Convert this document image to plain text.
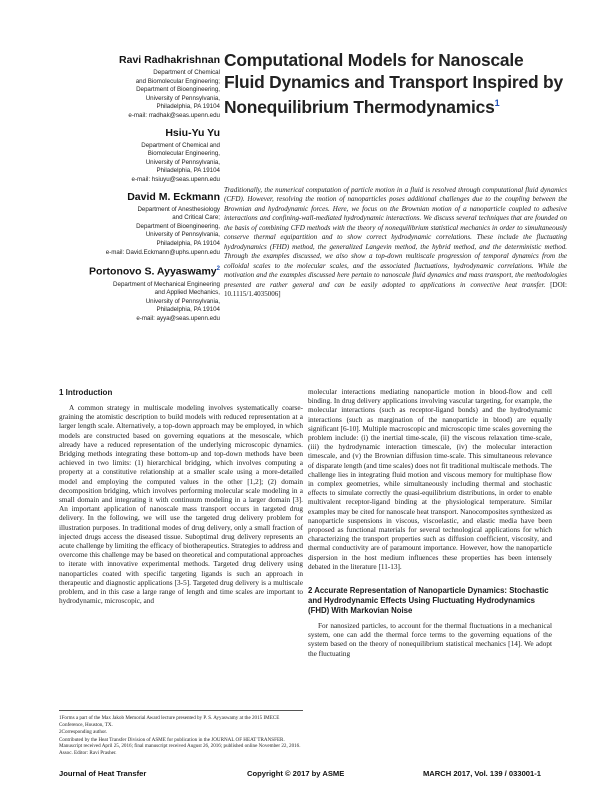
Ravi Radhakrishnan
Department of Chemical
and Biomolecular Engineering;
Department of Bioengineering,
University of Pennsylvania,
Philadelphia, PA 19104
e-mail: rradhak@seas.upenn.edu
Hsiu-Yu Yu
Department of Chemical and
Biomolecular Engineering,
University of Pennsylvania,
Philadelphia, PA 19104
e-mail: hsiuyu@seas.upenn.edu
David M. Eckmann
Department of Anesthesiology
and Critical Care;
Department of Bioengineering,
University of Pennsylvania,
Philadelphia, PA 19104
e-mail: David.Eckmann@uphs.upenn.edu
Portonovo S. Ayyaswamy$^2$
Department of Mechanical Engineering
and Applied Mechanics,
University of Pennsylvania,
Philadelphia, PA 19104
e-mail: ayya@seas.upenn.edu
Computational Models for Nanoscale Fluid Dynamics and Transport Inspired by Nonequilibrium Thermodynamics$^1$
Traditionally, the numerical computation of particle motion in a fluid is resolved through computational fluid dynamics (CFD). However, resolving the motion of nanoparticles poses additional challenges due to the coupling between the Brownian and hydrodynamic forces. Here, we focus on the Brownian motion of a nanoparticle coupled to adhesive interactions and confining-wall-mediated hydrodynamic interactions. We discuss several techniques that are founded on the basis of combining CFD methods with the theory of nonequilibrium statistical mechanics in order to simultaneously conserve thermal equipartition and to show correct hydrodynamic correlations. These include the fluctuating hydrodynamics (FHD) method, the generalized Langevin method, the hybrid method, and the deterministic method. Through the examples discussed, we also show a top-down multiscale progression of temporal dynamics from the colloidal scales to the molecular scales, and the associated fluctuations, hydrodynamic correlations. While the motivation and the examples discussed here pertain to nanoscale fluid dynamics and mass transport, the methodologies presented are rather general and can be easily adopted to applications in convective heat transfer. [DOI: 10.1115/1.4035006]
1 Introduction

A common strategy in multiscale modeling involves systematically coarse-graining the atomistic description to build models with reduced representation at a larger length scale. Alternatively, a top-down approach may be employed, in which models are constructed based on governing equations at the mesoscale, which already have a reduced representation of the underlying microscopic dynamics. Bridging methods integrating these bottom-up and top-down methods have been achieved in two limits: (1) hierarchical bridging, which involves computing a property at a constitutive relationship at a smaller scale using a more-detailed model and employing the computed values in the other [1,2]; (2) domain decomposition bridging, which involves performing molecular scale modeling in a small domain and integrating it with continuum modeling in a larger domain [3]. An important application of nanoscale mass transport occurs in targeted drug delivery. In the following, we will use the targeted drug delivery problem for illustration purposes. In traditional modes of drug delivery, only a small fraction of injected drugs access the diseased tissue. Suboptimal drug delivery represents an acute challenge by limiting the efficacy of biotherapeutics. Strategies to address and overcome this challenge may be based on theoretical and computational approaches to iterate with innovative experimental methods. Targeted drug delivery using nanoparticles coated with specific targeting ligands is such an approach in therapeutic and diagnostic applications [3-5]. Targeted drug delivery is a multiscale problem, and in this case a large range of length and time scales are important to hydrodynamic, microscopic, and

molecular interactions mediating nanoparticle motion in blood-flow and cell binding. In drug delivery applications involving vascular targeting, for example, the molecular interactions (such as receptor-ligand bonds) and the hydrodynamic interactions (such as margination of the nanoparticle in blood) are equally significant [6-10]. Multiple macroscopic and microscopic time scales governing the problem include: (i) the inertial time-scale, (ii) the viscous relaxation time-scale, (iii) the hydrodynamic interaction timescale, (iv) the molecular interaction timescale, and (v) the Brownian diffusion time-scale. This simultaneous relevance of disparate length (and time scales) does not fit traditional multiscale methods. The challenge lies in integrating fluid motion and viscous memory for multiphase flow in complex geometries, while simultaneously including thermal and stochastic effects to simulate correctly the quasi-equilibrium distributions, in order to enable multivalent receptor-ligand binding at the physiological temperature. Similar examples may be cited for nanoscale heat transport. Nanocomposites synthesized as nanoparticle suspensions in viscous, viscoelastic, and elastic media have been proposed as functional materials for several technological applications for which characterizing the transport properties such as diffusion coefficient, viscosity, and thermal conductivity are of paramount importance. However, how the nanoparticle dispersion in the host medium influences these properties has been intensely debated in the literature [11-13].

2 Accurate Representation of Nanoparticle Dynamics: Stochastic and Hydrodynamic Effects Using Fluctuating Hydrodynamics (FHD) With Markovian Noise

For nanosized particles, to account for the thermal fluctuations in a mechanical system, one can add the thermal force terms to the governing equations of the system based on the theory of nonequilibrium statistical mechanics [14]. We adopt the fluctuating

1Forms a part of the Max Jakob Memorial Award lecture presented by P. S. Ayyaswamy at the 2015 IMECE Conference, Houston, TX.

2Corresponding author.

Contributed by the Heat Transfer Division of ASME for publication in the JOURNAL OF HEAT TRANSFER. Manuscript received April 25, 2016; final manuscript received August 26, 2016; published online November 22, 2016. Assoc. Editor: Ravi Prasher.

Journal of Heat Transfer	Copyright © 2017 by ASME	MARCH 2017, Vol. 139 / 033001-1
